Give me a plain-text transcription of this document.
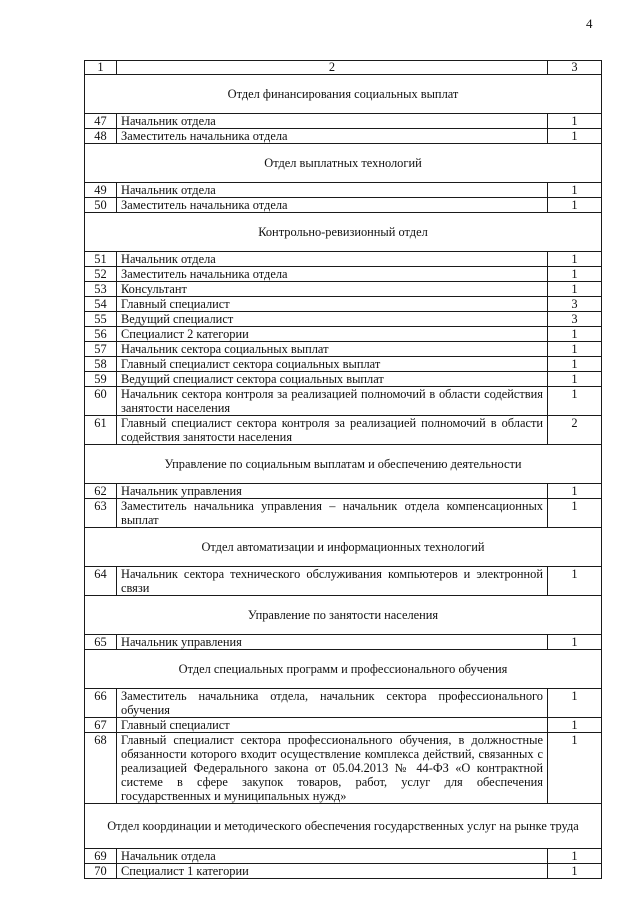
4
1	2	3
Отдел финансирования социальных выплат		
47	Начальник отдела	1
48	Заместитель начальника отдела	1
Отдел выплатных технологий		
49	Начальник отдела	1
50	Заместитель начальника отдела	1
Контрольно-ревизионный отдел		
51	Начальник отдела	1
52	Заместитель начальника отдела	1
53	Консультант	1
54	Главный специалист	3
55	Ведущий специалист	3
56	Специалист 2 категории	1
57	Начальник сектора социальных выплат	1
58	Главный специалист сектора социальных выплат	1
59	Ведущий специалист сектора социальных выплат	1
60	Начальник сектора контроля за реализацией полномочий в области содействия занятости населения	1
61	Главный специалист сектора контроля за реализацией полномочий в области содействия занятости населения	2
Управление по социальным выплатам и обеспечению деятельности		
62	Начальник управления	1
63	Заместитель начальника управления – начальник отдела компенсационных выплат	1
Отдел автоматизации и информационных технологий		
64	Начальник сектора технического обслуживания компьютеров и электронной связи	1
Управление по занятости населения		
65	Начальник управления	1
Отдел специальных программ и профессионального обучения		
66	Заместитель начальника отдела, начальник сектора профессионального обучения	1
67	Главный специалист	1
68	Главный специалист сектора профессионального обучения, в должностные обязанности которого входит осуществление комплекса действий, связанных с реализацией Федерального закона от 05.04.2013 № 44-ФЗ «О контрактной системе в сфере закупок товаров, работ, услуг для обеспечения государственных и муниципальных нужд»	1
Отдел координации и методического обеспечения государственных услуг на рынке труда		
69	Начальник отдела	1
70	Специалист 1 категории	1
